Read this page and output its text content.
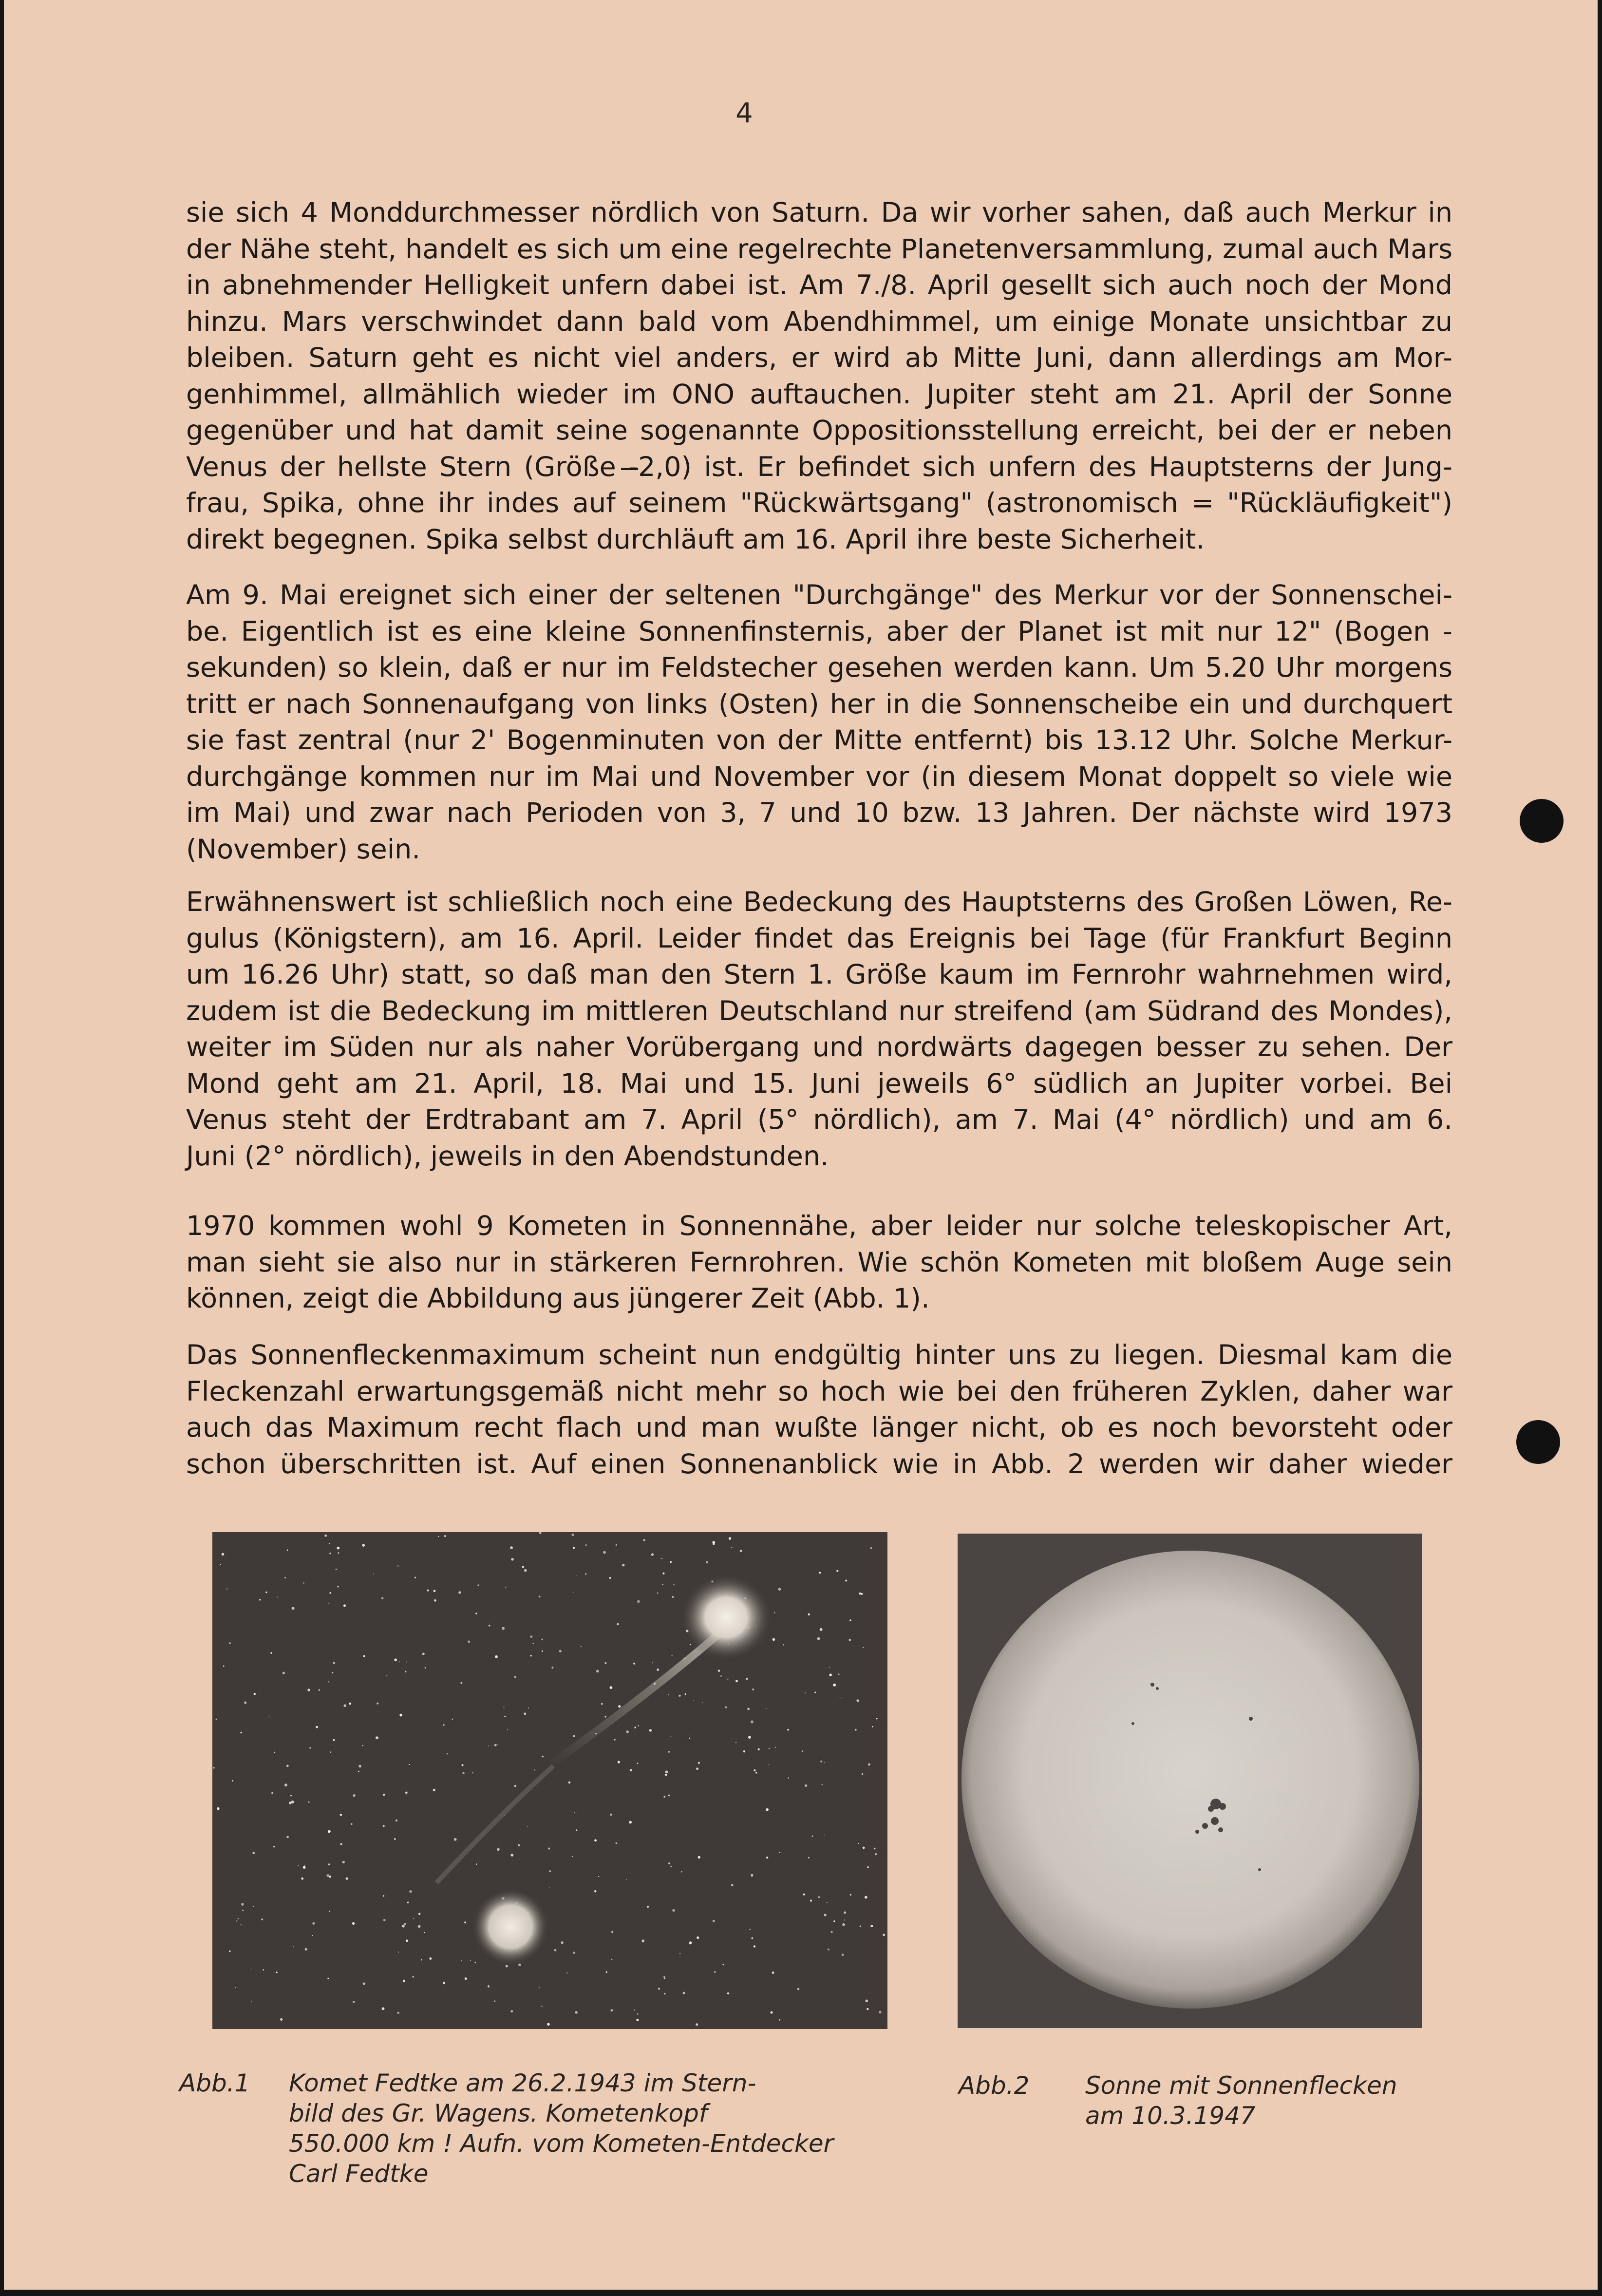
4
sie sich 4 Monddurchmesser nördlich von Saturn. Da wir vorher sahen, daß auch Merkur in
der Nähe steht, handelt es sich um eine regelrechte Planetenversammlung, zumal auch Mars
in abnehmender Helligkeit unfern dabei ist. Am 7./8. April gesellt sich auch noch der Mond
hinzu. Mars verschwindet dann bald vom Abendhimmel, um einige Monate unsichtbar zu
bleiben. Saturn geht es nicht viel anders, er wird ab Mitte Juni, dann allerdings am Mor-
genhimmel, allmählich wieder im ONO auftauchen. Jupiter steht am 21. April der Sonne
gegenüber und hat damit seine sogenannte Oppositionsstellung erreicht, bei der er neben
Venus der hellste Stern (Größe -̶2,0) ist. Er befindet sich unfern des Hauptsterns der Jung-
frau, Spika, ohne ihr indes auf seinem "Rückwärtsgang" (astronomisch = "Rückläufigkeit")
direkt begegnen. Spika selbst durchläuft am 16. April ihre beste Sicherheit.
Am 9. Mai ereignet sich einer der seltenen "Durchgänge" des Merkur vor der Sonnenschei-
be. Eigentlich ist es eine kleine Sonnenfinsternis, aber der Planet ist mit nur 12" (Bogen -
sekunden) so klein, daß er nur im Feldstecher gesehen werden kann. Um 5.20 Uhr morgens
tritt er nach Sonnenaufgang von links (Osten) her in die Sonnenscheibe ein und durchquert
sie fast zentral (nur 2' Bogenminuten von der Mitte entfernt) bis 13.12 Uhr. Solche Merkur-
durchgänge kommen nur im Mai und November vor (in diesem Monat doppelt so viele wie
im Mai) und zwar nach Perioden von 3, 7 und 10 bzw. 13 Jahren. Der nächste wird 1973
(November) sein.
Erwähnenswert ist schließlich noch eine Bedeckung des Hauptsterns des Großen Löwen, Re-
gulus (Königstern), am 16. April. Leider findet das Ereignis bei Tage (für Frankfurt Beginn
um 16.26 Uhr) statt, so daß man den Stern 1. Größe kaum im Fernrohr wahrnehmen wird,
zudem ist die Bedeckung im mittleren Deutschland nur streifend (am Südrand des Mondes),
weiter im Süden nur als naher Vorübergang und nordwärts dagegen besser zu sehen. Der
Mond geht am 21. April, 18. Mai und 15. Juni jeweils 6° südlich an Jupiter vorbei. Bei
Venus steht der Erdtrabant am 7. April (5° nördlich), am 7. Mai (4° nördlich) und am 6.
Juni (2° nördlich), jeweils in den Abendstunden.
1970 kommen wohl 9 Kometen in Sonnennähe, aber leider nur solche teleskopischer Art,
man sieht sie also nur in stärkeren Fernrohren. Wie schön Kometen mit bloßem Auge sein
können, zeigt die Abbildung aus jüngerer Zeit (Abb. 1).
Das Sonnenfleckenmaximum scheint nun endgültig hinter uns zu liegen. Diesmal kam die
Fleckenzahl erwartungsgemäß nicht mehr so hoch wie bei den früheren Zyklen, daher war
auch das Maximum recht flach und man wußte länger nicht, ob es noch bevorsteht oder
schon überschritten ist. Auf einen Sonnenanblick wie in Abb. 2 werden wir daher wieder
Abb.1 Komet Fedtke am 26.2.1943 im Stern-
bild des Gr. Wagens. Kometenkopf
550.000 km ! Aufn. vom Kometen-Entdecker
Carl Fedtke
Abb.2 Sonne mit Sonnenflecken
am 10.3.1947
